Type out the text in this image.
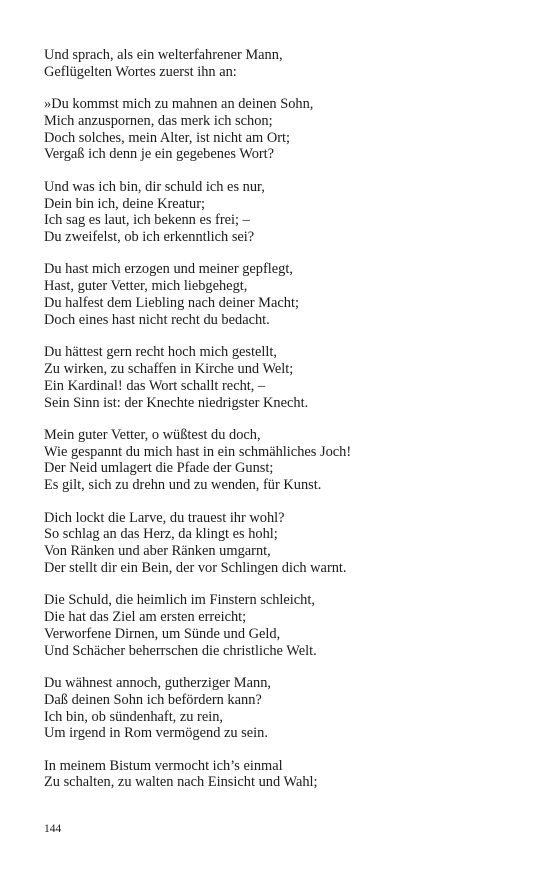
Und sprach, als ein welterfahrener Mann,
Geflügelten Wortes zuerst ihn an:
»Du kommst mich zu mahnen an deinen Sohn,
Mich anzuspornen, das merk ich schon;
Doch solches, mein Alter, ist nicht am Ort;
Vergaß ich denn je ein gegebenes Wort?
Und was ich bin, dir schuld ich es nur,
Dein bin ich, deine Kreatur;
Ich sag es laut, ich bekenn es frei; –
Du zweifelst, ob ich erkenntlich sei?
Du hast mich erzogen und meiner gepflegt,
Hast, guter Vetter, mich liebgehegt,
Du halfest dem Liebling nach deiner Macht;
Doch eines hast nicht recht du bedacht.
Du hättest gern recht hoch mich gestellt,
Zu wirken, zu schaffen in Kirche und Welt;
Ein Kardinal! das Wort schallt recht, –
Sein Sinn ist: der Knechte niedrigster Knecht.
Mein guter Vetter, o wüßtest du doch,
Wie gespannt du mich hast in ein schmähliches Joch!
Der Neid umlagert die Pfade der Gunst;
Es gilt, sich zu drehn und zu wenden, für Kunst.
Dich lockt die Larve, du trauest ihr wohl?
So schlag an das Herz, da klingt es hohl;
Von Ränken und aber Ränken umgarnt,
Der stellt dir ein Bein, der vor Schlingen dich warnt.
Die Schuld, die heimlich im Finstern schleicht,
Die hat das Ziel am ersten erreicht;
Verworfene Dirnen, um Sünde und Geld,
Und Schächer beherrschen die christliche Welt.
Du wähnest annoch, gutherziger Mann,
Daß deinen Sohn ich befördern kann?
Ich bin, ob sündenhaft, zu rein,
Um irgend in Rom vermögend zu sein.
In meinem Bistum vermocht ich’s einmal
Zu schalten, zu walten nach Einsicht und Wahl;
144
